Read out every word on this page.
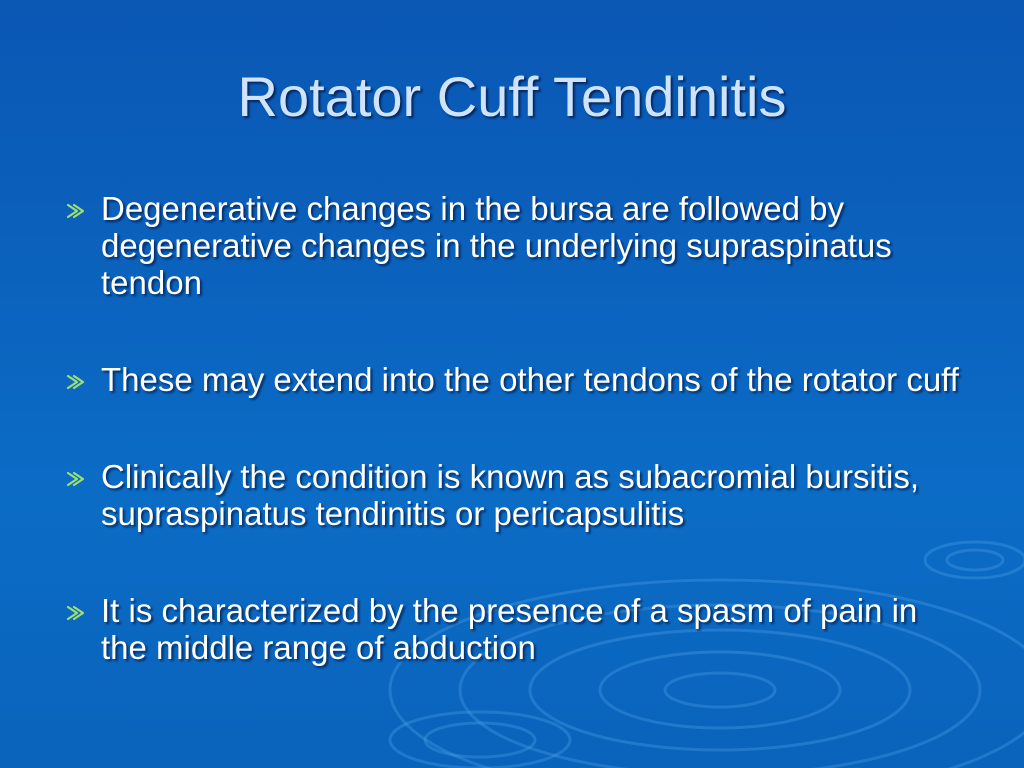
Rotator Cuff Tendinitis
Degenerative changes in the bursa are followed by degenerative changes in the underlying supraspinatus tendon
These may extend into the other tendons of the rotator cuff
Clinically the condition is known as subacromial bursitis, supraspinatus tendinitis or pericapsulitis
It is characterized by the presence of a spasm of pain in the middle range of abduction
